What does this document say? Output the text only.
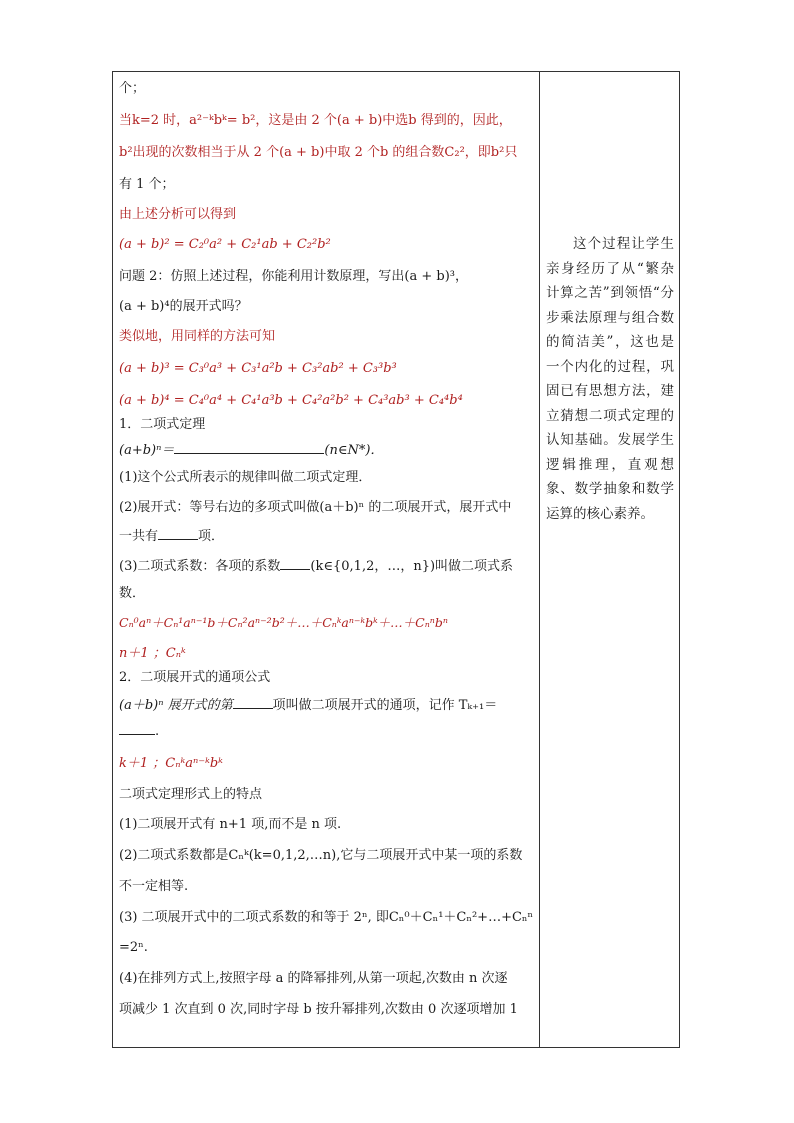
个；
当k=2 时，a²⁻ᵏbᵏ= b²，这是由 2 个(a + b)中选b 得到的，因此，
b²出现的次数相当于从 2 个(a + b)中取 2 个b 的组合数C₂²，即b²只
有 1 个；
由上述分析可以得到
(a + b)² = C₂⁰a² + C₂¹ab + C₂²b²
问题 2：仿照上述过程，你能利用计数原理，写出(a + b)³，
(a + b)⁴的展开式吗？
类似地，用同样的方法可知
(a + b)³ = C₃⁰a³ + C₃¹a²b + C₃²ab² + C₃³b³
(a + b)⁴ = C₄⁰a⁴ + C₄¹a³b + C₄²a²b² + C₄³ab³ + C₄⁴b⁴
1．二项式定理
(a+b)ⁿ＝	(n∈N*)．
(1)这个公式所表示的规律叫做二项式定理．
(2)展开式：等号右边的多项式叫做(a＋b)ⁿ 的二项展开式，展开式中
一共有	项．
(3)二项式系数：各项的系数 (k∈{0,1,2，…，n})叫做二项式系
数．
Cₙ⁰aⁿ＋Cₙ¹aⁿ⁻¹b＋Cₙ²aⁿ⁻²b²＋…＋Cₙᵏaⁿ⁻ᵏbᵏ＋…＋Cₙⁿbⁿ
n＋1 ；Cₙᵏ
2．二项展开式的通项公式
(a＋b)ⁿ 展开式的第	项叫做二项展开式的通项，记作 Tₖ₊₁＝
.
k＋1 ；Cₙᵏaⁿ⁻ᵏbᵏ
二项式定理形式上的特点
(1)二项展开式有 n+1 项,而不是 n 项.
(2)二项式系数都是Cₙᵏ(k=0,1,2,…n),它与二项展开式中某一项的系数
不一定相等.
(3) 二项展开式中的二项式系数的和等于 2ⁿ, 即Cₙ⁰＋Cₙ¹＋Cₙ²+…+Cₙⁿ
=2ⁿ.
(4)在排列方式上,按照字母 a 的降幂排列,从第一项起,次数由 n 次逐
项减少 1 次直到 0 次,同时字母 b 按升幂排列,次数由 0 次逐项增加 1

这个过程让学生亲身经历了从“繁杂计算之苦”到领悟“分步乘法原理与组合数的简洁美”，这也是一个内化的过程，巩固已有思想方法，建立猜想二项式定理的认知基础。发展学生逻辑推理，直观想象、数学抽象和数学运算的核心素养。
